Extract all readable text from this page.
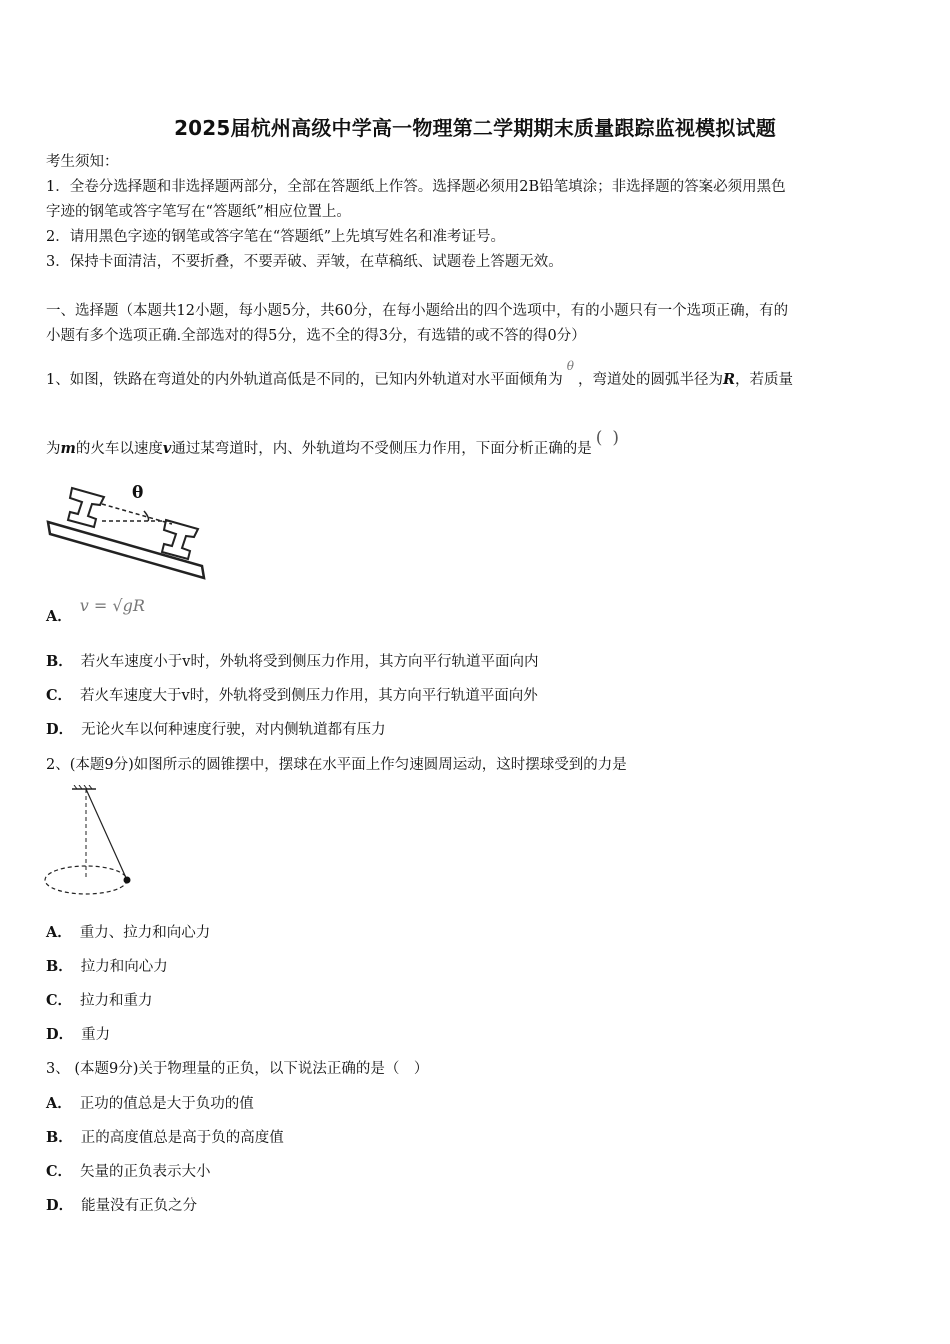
2025届杭州高级中学高一物理第二学期期末质量跟踪监视模拟试题
考生须知：
1．全卷分选择题和非选择题两部分，全部在答题纸上作答。选择题必须用2B铅笔填涂；非选择题的答案必须用黑色
字迹的钢笔或答字笔写在“答题纸”相应位置上。
2．请用黑色字迹的钢笔或答字笔在“答题纸”上先填写姓名和准考证号。
3．保持卡面清洁，不要折叠，不要弄破、弄皱，在草稿纸、试题卷上答题无效。
一、选择题（本题共12小题，每小题5分，共60分，在每小题给出的四个选项中，有的小题只有一个选项正确，有的
小题有多个选项正确.全部选对的得5分，选不全的得3分，有选错的或不答的得0分）
1、如图，铁路在弯道处的内外轨道高低是不同的，已知内外轨道对水平面倾角为$^\theta$，弯道处的圆弧半径为R，若质量
为m的火车以速度v通过某弯道时，内、外轨道均不受侧压力作用，下面分析正确的是(   )
θ
A．v = √gR
B． 若火车速度小于v时，外轨将受到侧压力作用，其方向平行轨道平面向内
C． 若火车速度大于v时，外轨将受到侧压力作用，其方向平行轨道平面向外
D． 无论火车以何种速度行驶，对内侧轨道都有压力
2、(本题9分)如图所示的圆锥摆中，摆球在水平面上作匀速圆周运动，这时摆球受到的力是
A． 重力、拉力和向心力
B． 拉力和向心力
C． 拉力和重力
D． 重力
3、 (本题9分)关于物理量的正负，以下说法正确的是（　）
A． 正功的值总是大于负功的值
B． 正的高度值总是高于负的高度值
C． 矢量的正负表示大小
D． 能量没有正负之分
